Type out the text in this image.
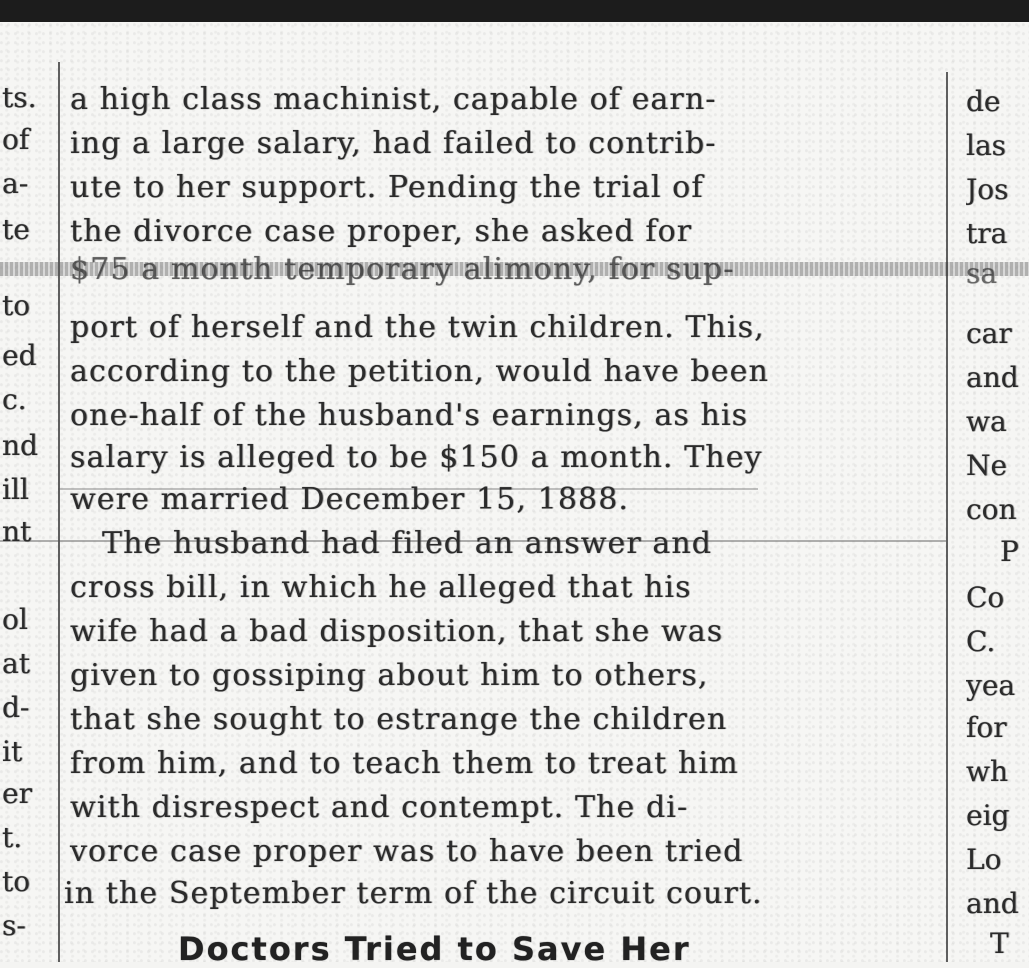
ts.
of
a-
te
to
ed
c.
nd
ill
nt
ol
at
d-
it
er
t.
to
s-
a high class machinist, capable of earn-
ing a large salary, had failed to contrib-
ute to her support. Pending the trial of
the divorce case proper, she asked for
$75 a month temporary alimony, for sup-
port of herself and the twin children. This,
according to the petition, would have been
one-half of the husband's earnings, as his
salary is alleged to be $150 a month. They
were married December 15, 1888.
The husband had filed an answer and
cross bill, in which he alleged that his
wife had a bad disposition, that she was
given to gossiping about him to others,
that she sought to estrange the children
from him, and to teach them to treat him
with disrespect and contempt. The di-
vorce case proper was to have been tried
in the September term of the circuit court.
Doctors Tried to Save Her
de
las
Jos
tra
sa
car
and
wa
Ne
con
P
Co
C.
yea
for
wh
eig
Lo
and
T
